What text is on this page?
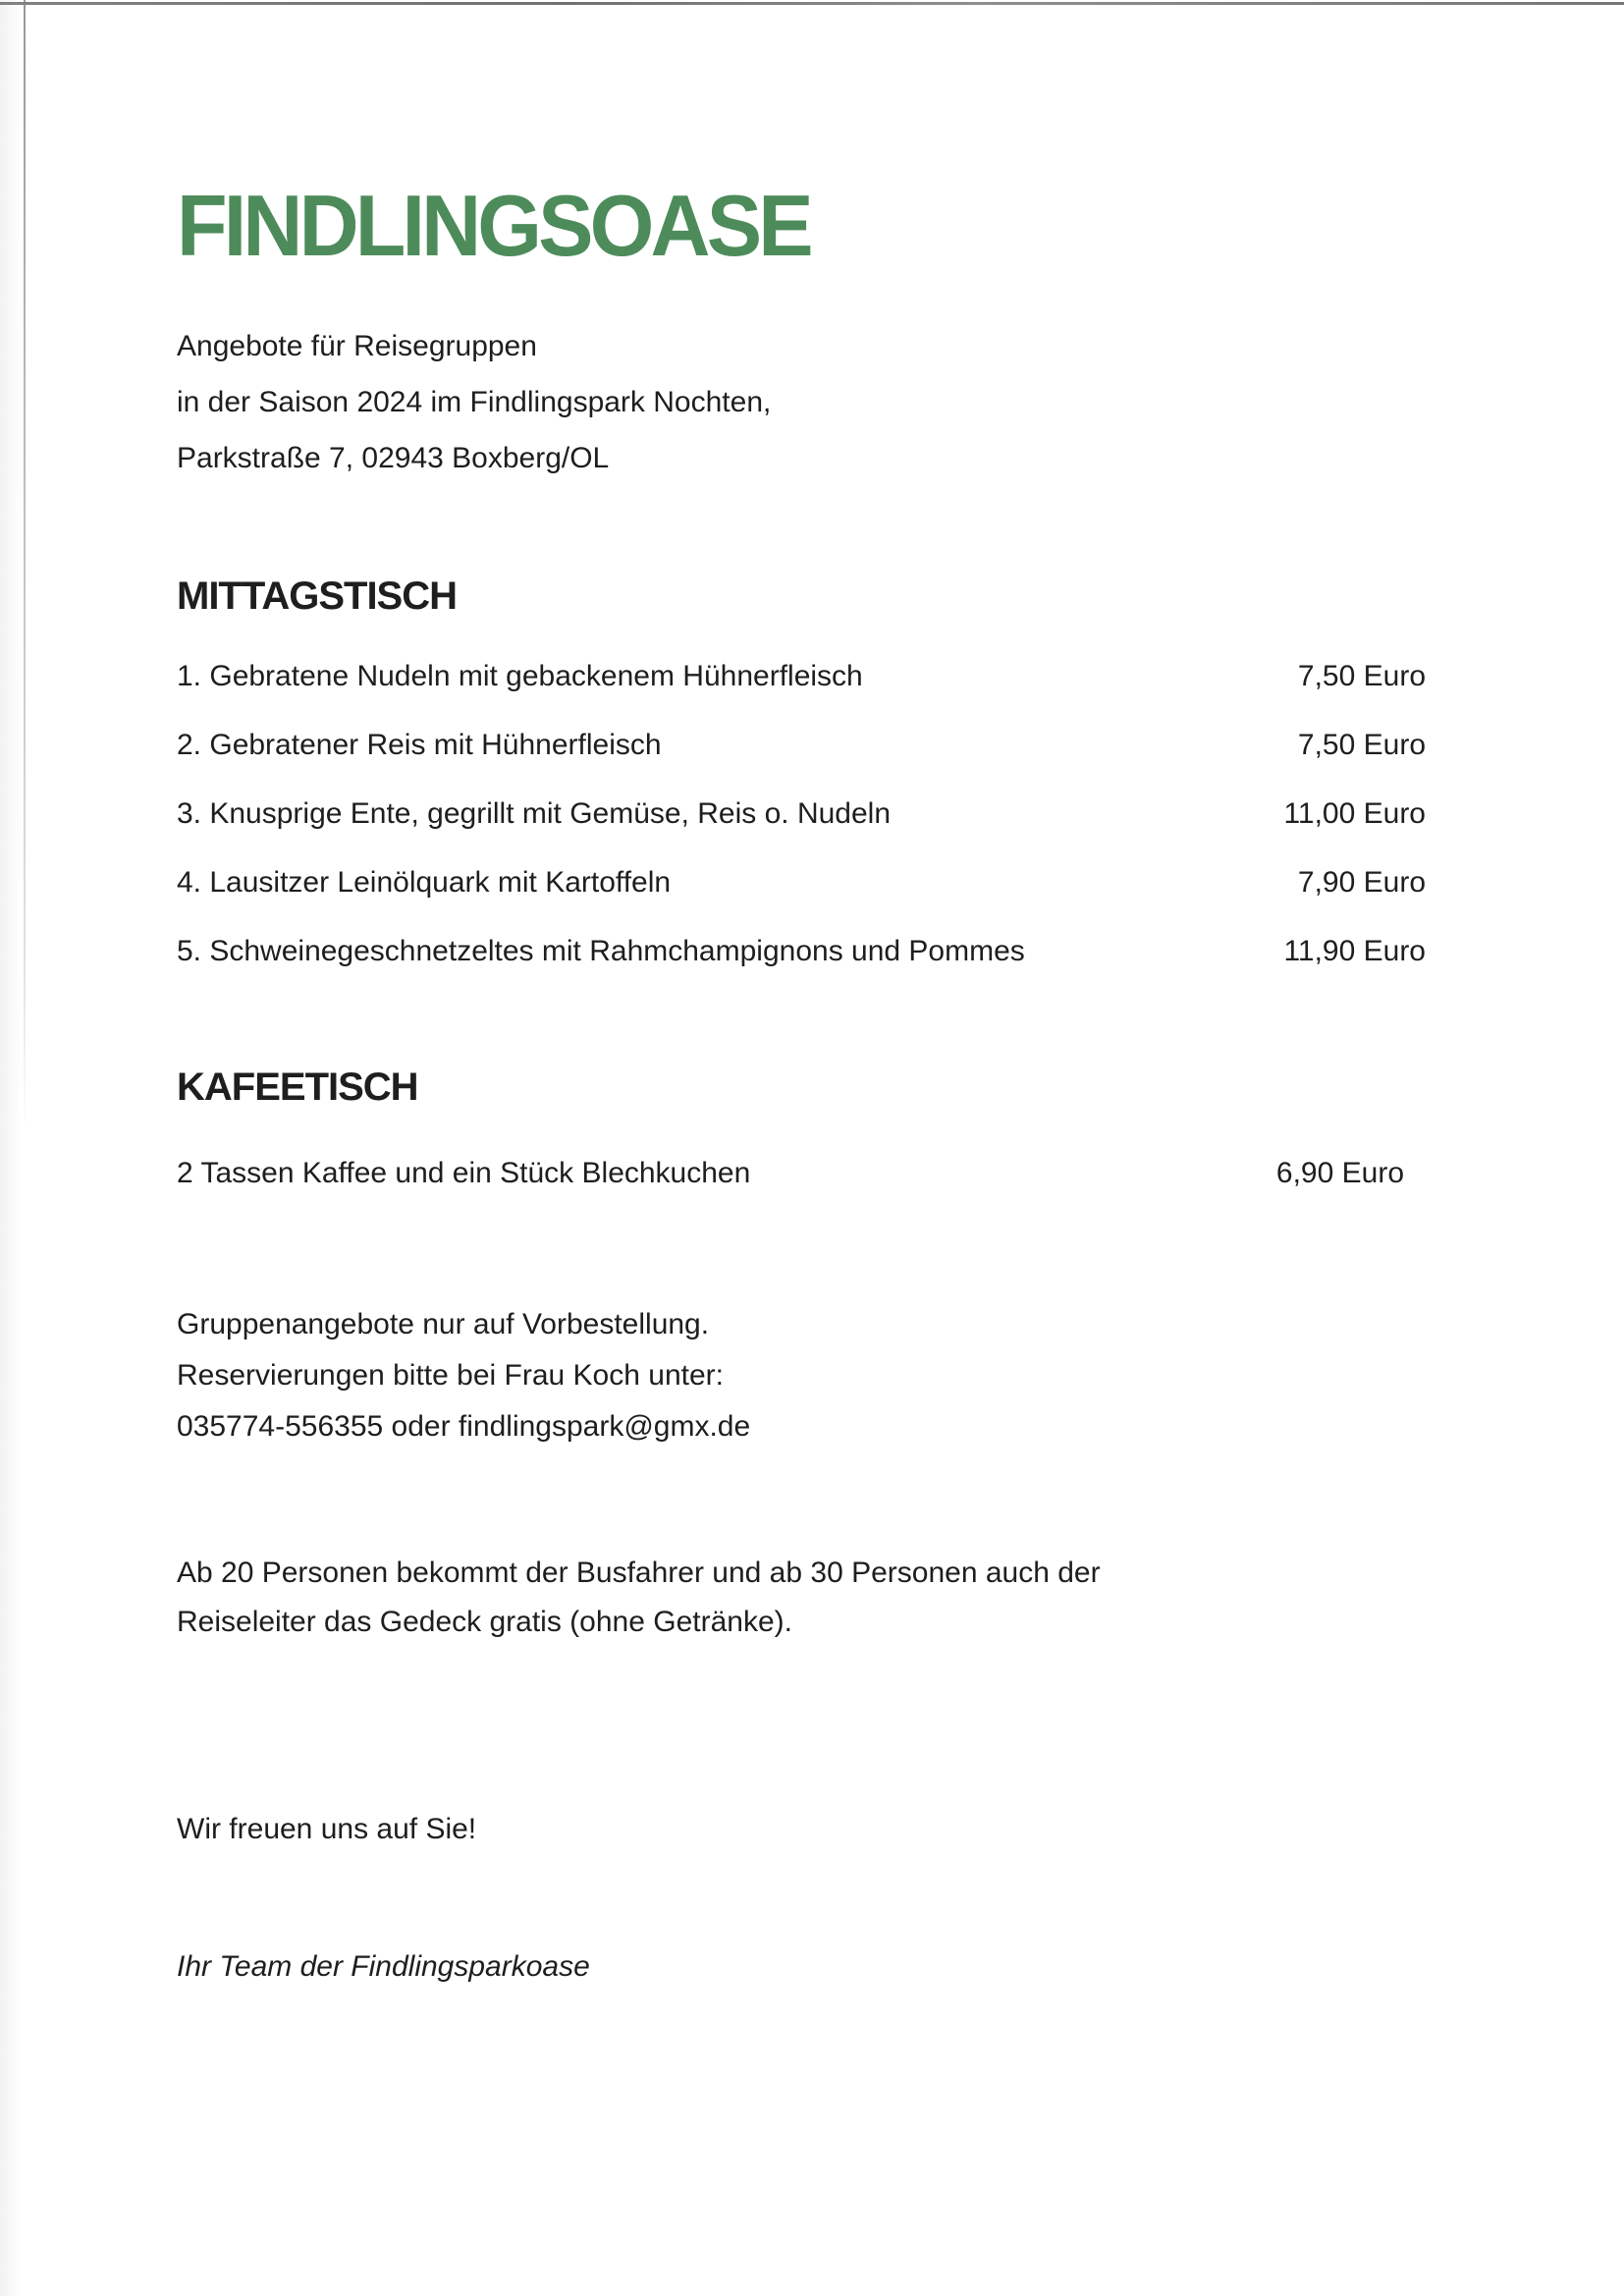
FINDLINGSOASE
Angebote für Reisegruppen
in der Saison 2024 im Findlingspark Nochten,
Parkstraße 7, 02943 Boxberg/OL
MITTAGSTISCH
1. Gebratene Nudeln mit gebackenem Hühnerfleisch	7,50 Euro
2. Gebratener Reis mit Hühnerfleisch	7,50 Euro
3. Knusprige Ente, gegrillt mit Gemüse, Reis o. Nudeln	11,00 Euro
4. Lausitzer Leinölquark mit Kartoffeln	7,90 Euro
5. Schweinegeschnetzeltes mit Rahmchampignons und Pommes	11,90 Euro
KAFEETISCH
2 Tassen Kaffee und ein Stück Blechkuchen	6,90 Euro
Gruppenangebote nur auf Vorbestellung.
Reservierungen bitte bei Frau Koch unter:
035774-556355 oder findlingspark@gmx.de
Ab 20 Personen bekommt der Busfahrer und ab 30 Personen auch der
Reiseleiter das Gedeck gratis (ohne Getränke).
Wir freuen uns auf Sie!
Ihr Team der Findlingsparkoase
